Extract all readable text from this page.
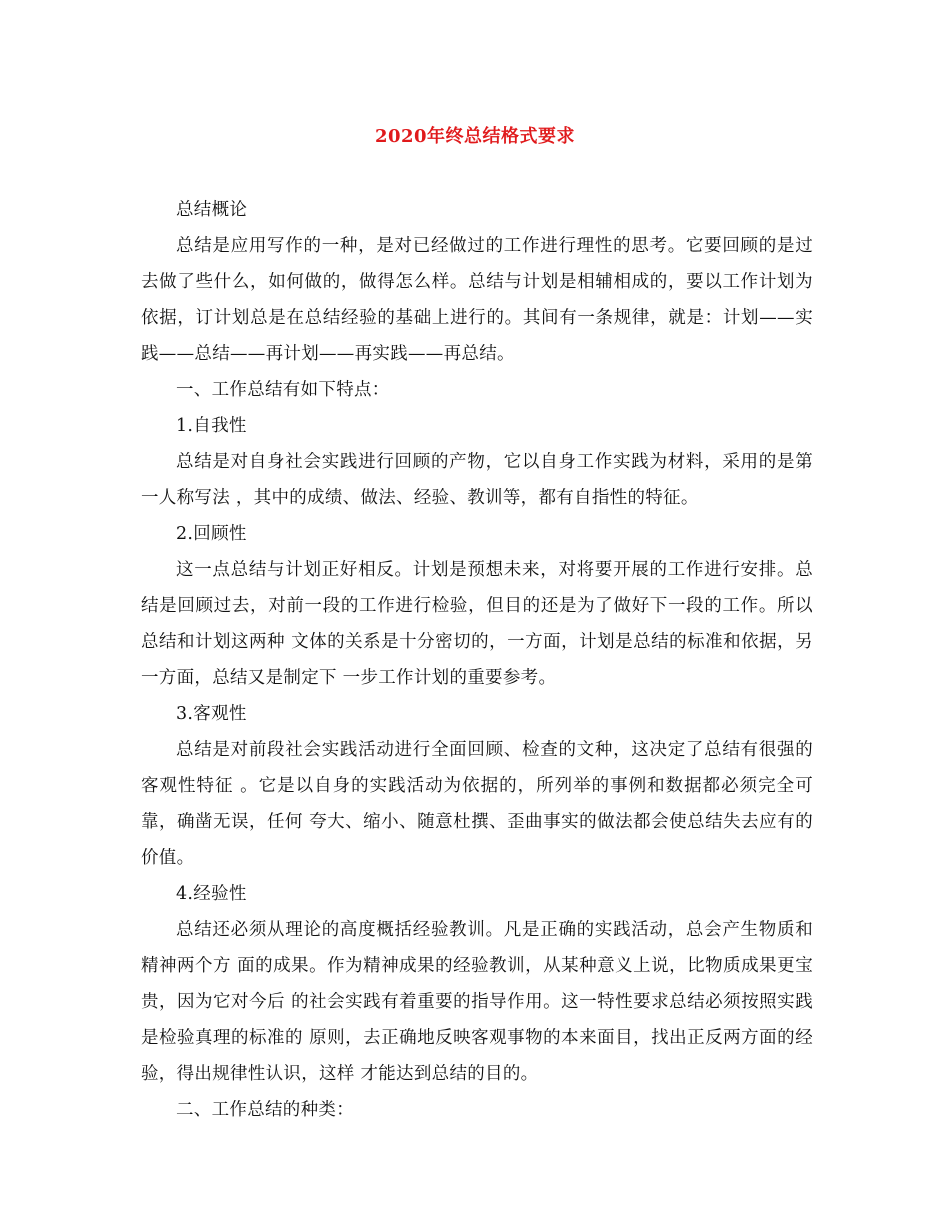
2020年终总结格式要求

总结概论

总结是应用写作的一种，是对已经做过的工作进行理性的思考。它要回顾的是过去做了些什么，如何做的，做得怎么样。总结与计划是相辅相成的，要以工作计划为依据，订计划总是在总结经验的基础上进行的。其间有一条规律，就是：计划——实践——总结——再计划——再实践——再总结。

一、工作总结有如下特点：

1.自我性

总结是对自身社会实践进行回顾的产物，它以自身工作实践为材料，采用的是第一人称写法 ，其中的成绩、做法、经验、教训等，都有自指性的特征。

2.回顾性

这一点总结与计划正好相反。计划是预想未来，对将要开展的工作进行安排。总结是回顾过去，对前一段的工作进行检验，但目的还是为了做好下一段的工作。所以总结和计划这两种 文体的关系是十分密切的，一方面，计划是总结的标准和依据，另一方面，总结又是制定下 一步工作计划的重要参考。

3.客观性

总结是对前段社会实践活动进行全面回顾、检查的文种，这决定了总结有很强的客观性特征 。它是以自身的实践活动为依据的，所列举的事例和数据都必须完全可靠，确凿无误，任何 夸大、缩小、随意杜撰、歪曲事实的做法都会使总结失去应有的价值。

4.经验性

总结还必须从理论的高度概括经验教训。凡是正确的实践活动，总会产生物质和精神两个方 面的成果。作为精神成果的经验教训，从某种意义上说，比物质成果更宝贵，因为它对今后 的社会实践有着重要的指导作用。这一特性要求总结必须按照实践是检验真理的标准的 原则，去正确地反映客观事物的本来面目，找出正反两方面的经验，得出规律性认识，这样 才能达到总结的目的。

二、工作总结的种类：
